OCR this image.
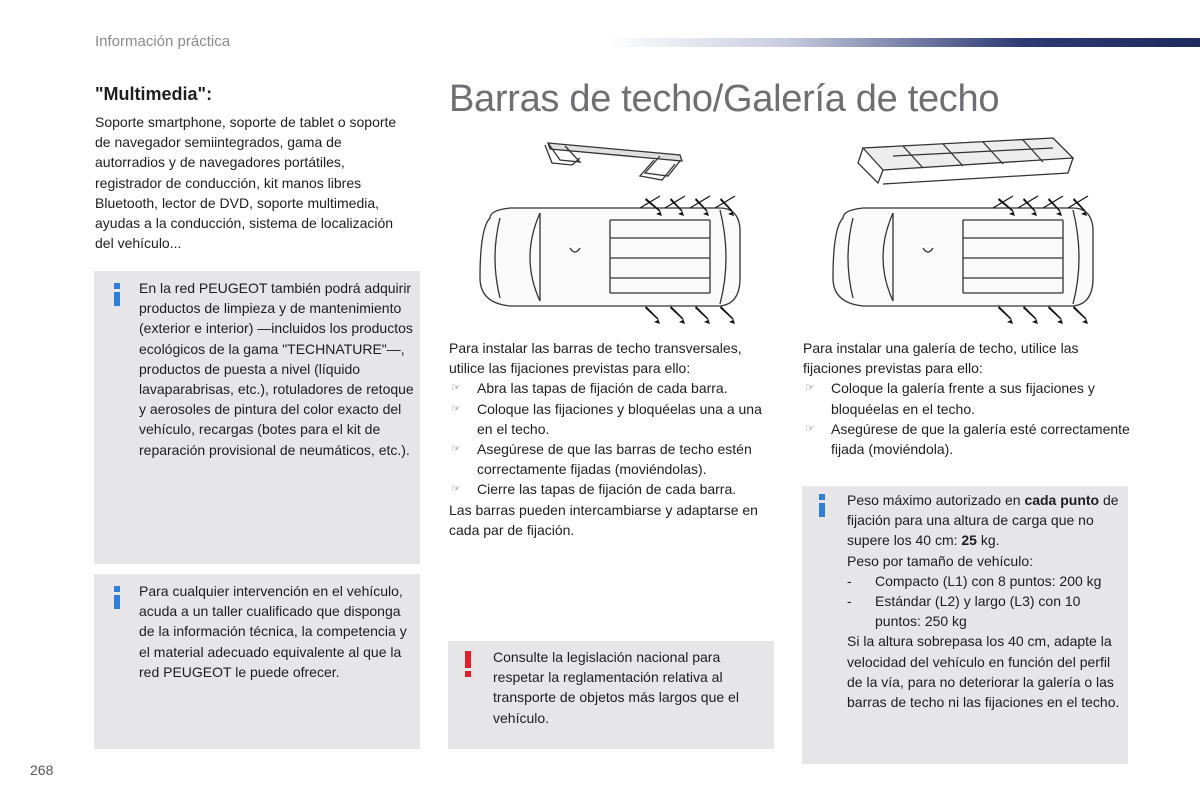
Información práctica
"Multimedia":
Soporte smartphone, soporte de tablet o soporte de navegador semiintegrados, gama de autorradios y de navegadores portátiles, registrador de conducción, kit manos libres Bluetooth, lector de DVD, soporte multimedia, ayudas a la conducción, sistema de localización del vehículo...
En la red PEUGEOT también podrá adquirir productos de limpieza y de mantenimiento (exterior e interior) —incluidos los productos ecológicos de la gama "TECHNATURE"—, productos de puesta a nivel (líquido lavaparabrisas, etc.), rotuladores de retoque y aerosoles de pintura del color exacto del vehículo, recargas (botes para el kit de reparación provisional de neumáticos, etc.).
Para cualquier intervención en el vehículo, acuda a un taller cualificado que disponga de la información técnica, la competencia y el material adecuado equivalente al que la red PEUGEOT le puede ofrecer.
Barras de techo/Galería de techo

Para instalar las barras de techo transversales, utilice las fijaciones previstas para ello:

☞ Abra las tapas de fijación de cada barra.

☞ Coloque las fijaciones y bloquéelas una a una en el techo.

☞ Asegúrese de que las barras de techo estén correctamente fijadas (moviéndolas).

☞ Cierre las tapas de fijación de cada barra.

Las barras pueden intercambiarse y adaptarse en cada par de fijación.

Consulte la legislación nacional para respetar la reglamentación relativa al transporte de objetos más largos que el vehículo.

Para instalar una galería de techo, utilice las fijaciones previstas para ello:

☞ Coloque la galería frente a sus fijaciones y bloquéelas en el techo.

☞ Asegúrese de que la galería esté correctamente fijada (moviéndola).

Peso máximo autorizado en cada punto de fijación para una altura de carga que no supere los 40 cm: 25 kg.
Peso por tamaño de vehículo:
- Compacto (L1) con 8 puntos: 200 kg
- Estándar (L2) y largo (L3) con 10 puntos: 250 kg
Si la altura sobrepasa los 40 cm, adapte la velocidad del vehículo en función del perfil de la vía, para no deteriorar la galería o las barras de techo ni las fijaciones en el techo.
268
